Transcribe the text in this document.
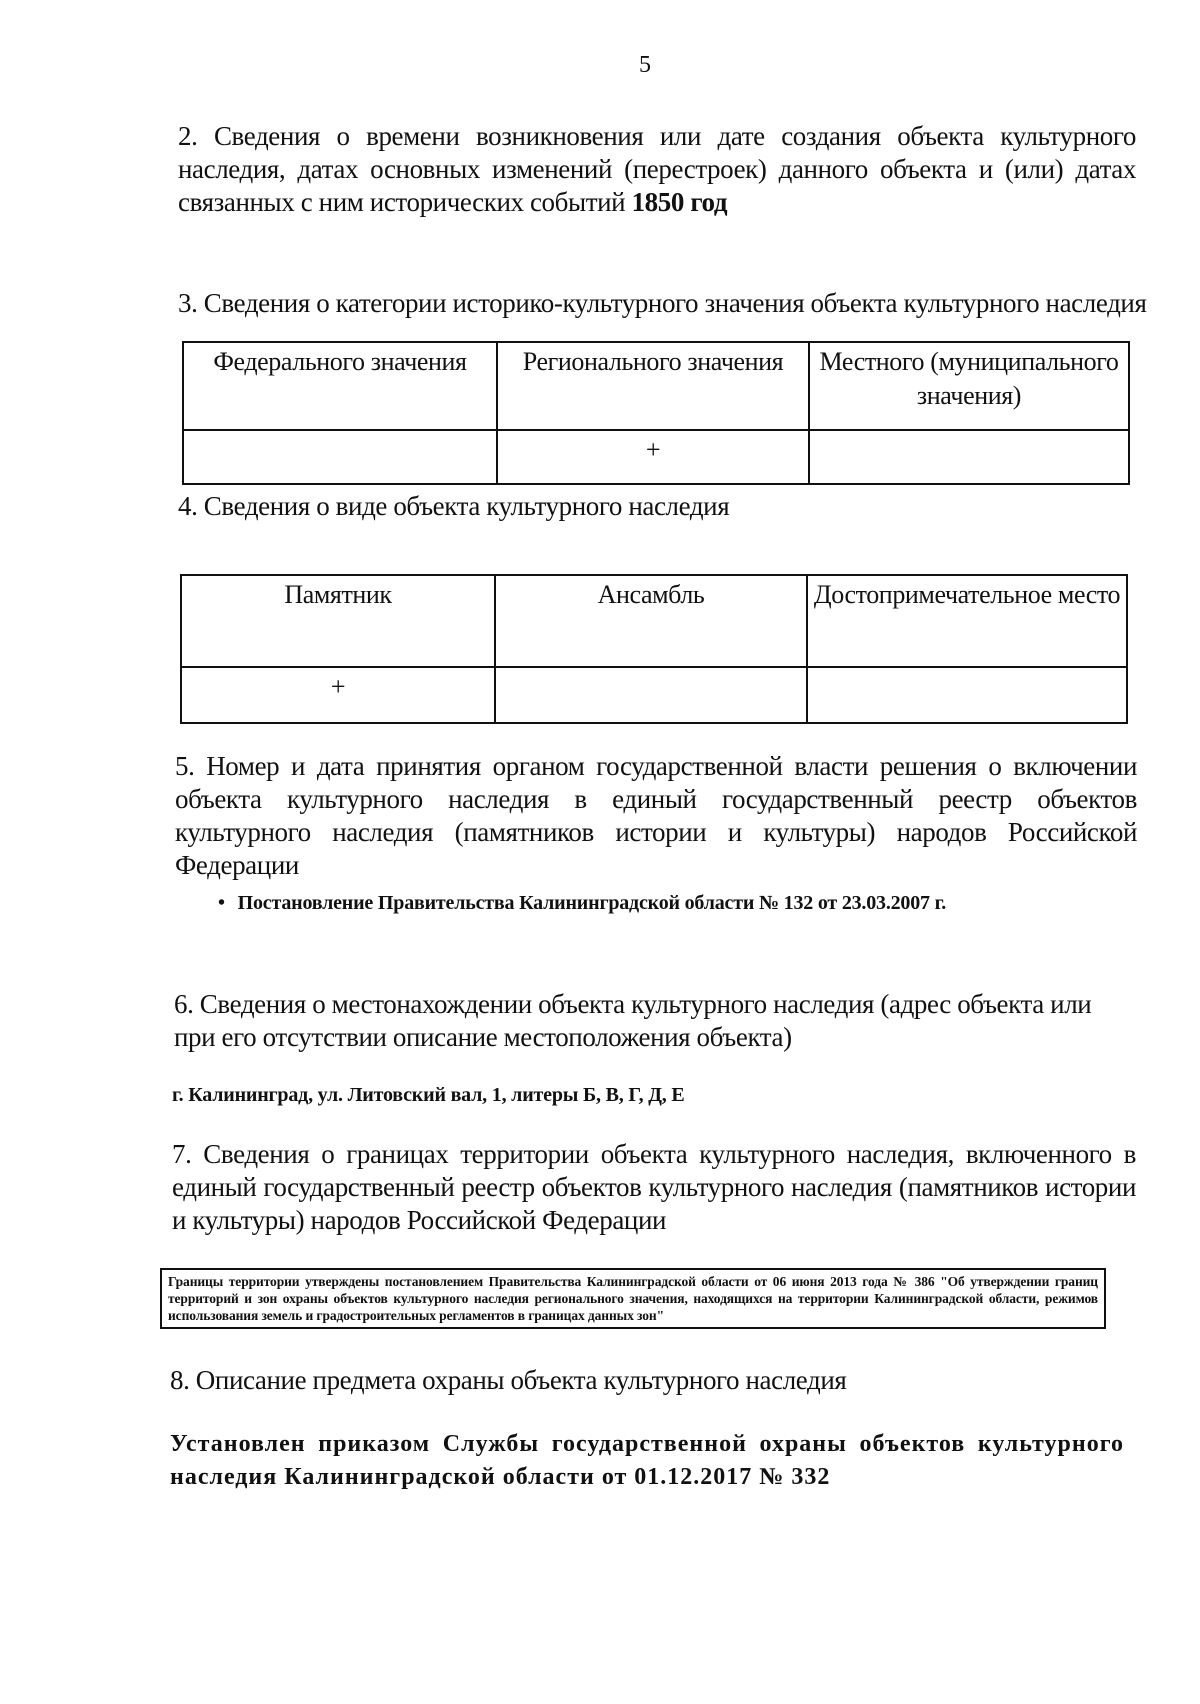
5
2. Сведения о времени возникновения или дате создания объекта культурного наследия, датах основных изменений (перестроек) данного объекта и (или) датах связанных с ним исторических событий 1850 год
3. Сведения о категории историко-культурного значения объекта культурного наследия
Федерального значения	Регионального значения	Местного (муниципального значения)
	+	
4. Сведения о виде объекта культурного наследия
Памятник	Ансамбль	Достопримечательное место
+		
5. Номер и дата принятия органом государственной власти решения о включении объекта культурного наследия в единый государственный реестр объектов культурного наследия (памятников истории и культуры) народов Российской Федерации
• Постановление Правительства Калининградской области № 132 от 23.03.2007 г.
6. Сведения о местонахождении объекта культурного наследия (адрес объекта или при его отсутствии описание местоположения объекта)
г. Калининград, ул. Литовский вал, 1, литеры Б, В, Г, Д, Е
7. Сведения о границах территории объекта культурного наследия, включенного в единый государственный реестр объектов культурного наследия (памятников истории и культуры) народов Российской Федерации
Границы территории утверждены постановлением Правительства Калининградской области от 06 июня 2013 года № 386 "Об утверждении границ территорий и зон охраны объектов культурного наследия регионального значения, находящихся на территории Калининградской области, режимов использования земель и градостроительных регламентов в границах данных зон"
8. Описание предмета охраны объекта культурного наследия
Установлен приказом Службы государственной охраны объектов культурного наследия Калининградской области от 01.12.2017 № 332
